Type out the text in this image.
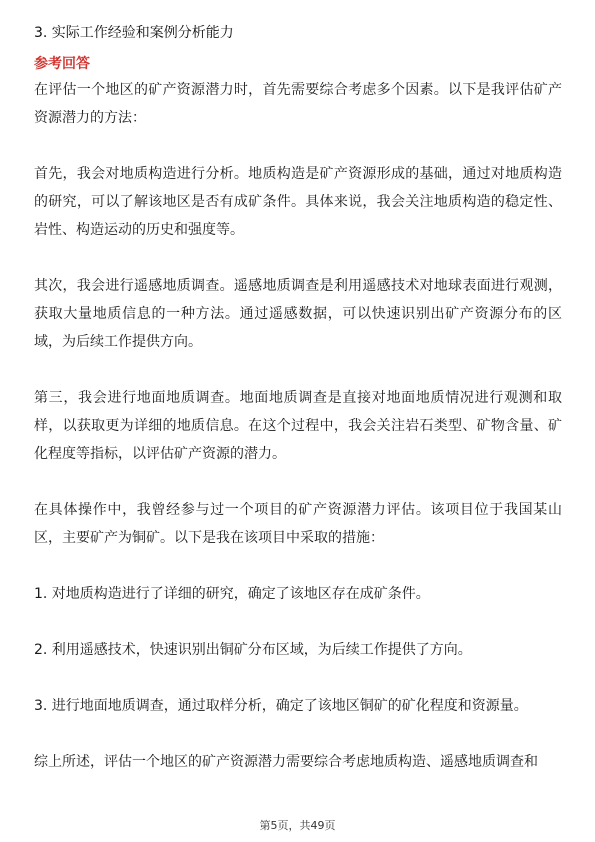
3. 实际工作经验和案例分析能力
参考回答

在评估一个地区的矿产资源潜力时，首先需要综合考虑多个因素。以下是我评估矿产资源潜力的方法：

首先，我会对地质构造进行分析。地质构造是矿产资源形成的基础，通过对地质构造的研究，可以了解该地区是否有成矿条件。具体来说，我会关注地质构造的稳定性、岩性、构造运动的历史和强度等。

其次，我会进行遥感地质调查。遥感地质调查是利用遥感技术对地球表面进行观测，获取大量地质信息的一种方法。通过遥感数据，可以快速识别出矿产资源分布的区域，为后续工作提供方向。

第三，我会进行地面地质调查。地面地质调查是直接对地面地质情况进行观测和取样，以获取更为详细的地质信息。在这个过程中，我会关注岩石类型、矿物含量、矿化程度等指标，以评估矿产资源的潜力。

在具体操作中，我曾经参与过一个项目的矿产资源潜力评估。该项目位于我国某山区，主要矿产为铜矿。以下是我在该项目中采取的措施：

1. 对地质构造进行了详细的研究，确定了该地区存在成矿条件。

2. 利用遥感技术，快速识别出铜矿分布区域，为后续工作提供了方向。

3. 进行地面地质调查，通过取样分析，确定了该地区铜矿的矿化程度和资源量。

综上所述，评估一个地区的矿产资源潜力需要综合考虑地质构造、遥感地质调查和

第5页，共49页
